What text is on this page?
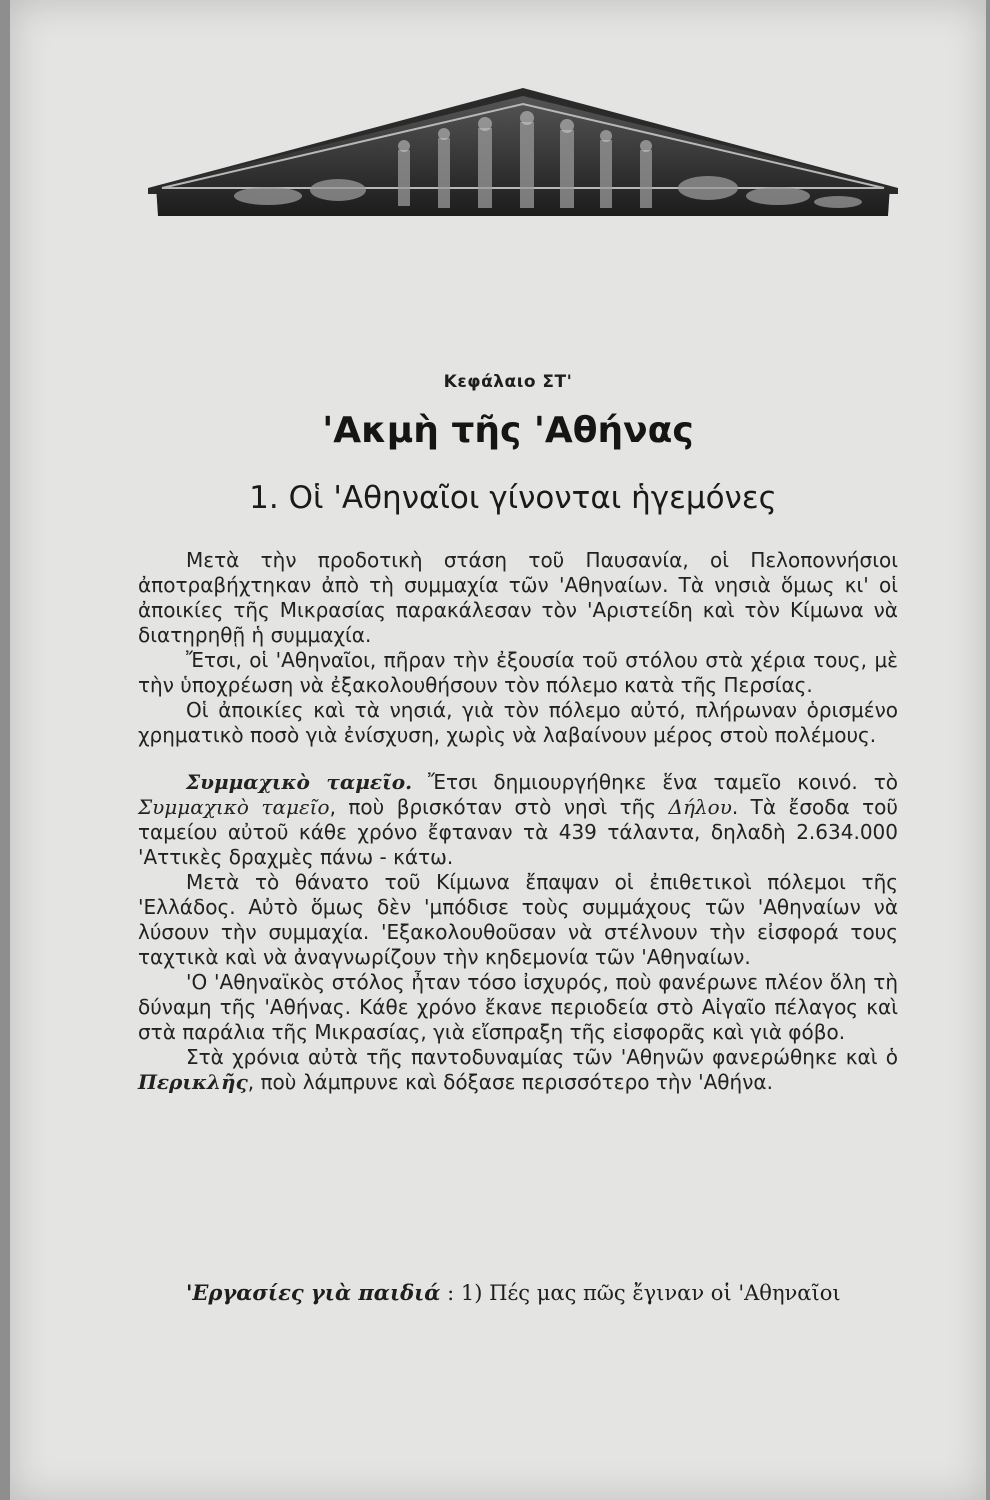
Κεφάλαιο ΣΤ'
'Ακμὴ τῆς 'Αθήνας
1. Οἱ 'Αθηναῖοι γίνονται ἡγεμόνες

Μετὰ τὴν προδοτικὴ στάση τοῦ Παυσανία, οἱ Πελοποννήσιοι ἀποτραβήχτηκαν ἀπὸ τὴ συμμαχία τῶν 'Αθηναίων. Τὰ νησιὰ ὅμως κι' οἱ ἀποικίες τῆς Μικρασίας παρακάλεσαν τὸν 'Αριστείδη καὶ τὸν Κίμωνα νὰ διατηρηθῇ ἡ συμμαχία.

Ἔτσι, οἱ 'Αθηναῖοι, πῆραν τὴν ἐξουσία τοῦ στόλου στὰ χέρια τους, μὲ τὴν ὑποχρέωση νὰ ἐξακολουθήσουν τὸν πόλεμο κατὰ τῆς Περσίας.

Οἱ ἀποικίες καὶ τὰ νησιά, γιὰ τὸν πόλεμο αὐτό, πλήρωναν ὁρισμένο χρηματικὸ ποσὸ γιὰ ἐνίσχυση, χωρὶς νὰ λαβαίνουν μέρος στοὺ πολέμους.

Συμμαχικὸ ταμεῖο. Ἔτσι δημιουργήθηκε ἕνα ταμεῖο κοινό. τὸ Συμμαχικὸ ταμεῖο, ποὺ βρισκόταν στὸ νησὶ τῆς Δήλου. Τὰ ἔσοδα τοῦ ταμείου αὐτοῦ κάθε χρόνο ἔφταναν τὰ 439 τάλαντα, δηλαδὴ 2.634.000 'Αττικὲς δραχμὲς πάνω - κάτω.

Μετὰ τὸ θάνατο τοῦ Κίμωνα ἔπαψαν οἱ ἐπιθετικοὶ πόλεμοι τῆς 'Ελλάδος. Αὐτὸ ὅμως δὲν 'μπόδισε τοὺς συμμάχους τῶν 'Αθηναίων νὰ λύσουν τὴν συμμαχία. 'Εξακολουθοῦσαν νὰ στέλνουν τὴν εἰσφορά τους ταχτικὰ καὶ νὰ ἀναγνωρίζουν τὴν κηδεμονία τῶν 'Αθηναίων.

'Ο 'Αθηναϊκὸς στόλος ἦταν τόσο ἰσχυρός, ποὺ φανέρωνε πλέον ὅλη τὴ δύναμη τῆς 'Αθήνας. Κάθε χρόνο ἔκανε περιοδεία στὸ Αἰγαῖο πέλαγος καὶ στὰ παράλια τῆς Μικρασίας, γιὰ εἴσπραξη τῆς εἰσφορᾶς καὶ γιὰ φόβο.

Στὰ χρόνια αὐτὰ τῆς παντοδυναμίας τῶν 'Αθηνῶν φανερώθηκε καὶ ὁ Περικλῆς, ποὺ λάμπρυνε καὶ δόξασε περισσότερο τὴν 'Αθήνα.

'Εργασίες γιὰ παιδιά : 1) Πές μας πῶς ἔγιναν οἱ 'Αθηναῖοι
